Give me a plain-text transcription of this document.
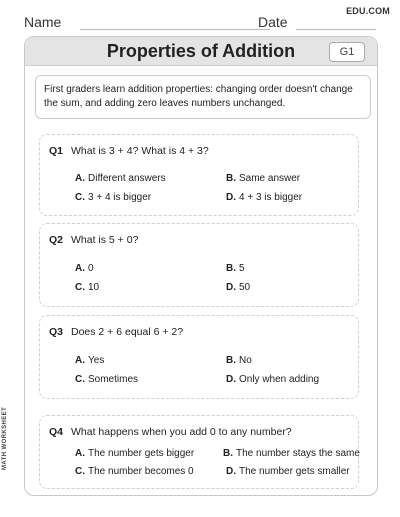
EDU.COM
Name	Date
Properties of Addition	G1
First graders learn addition properties: changing order doesn't change the sum, and adding zero leaves numbers unchanged.
Q1 What is 3 + 4? What is 4 + 3?
A. Different answers	B. Same answer
C. 3 + 4 is bigger	D. 4 + 3 is bigger
Q2 What is 5 + 0?
A. 0	B. 5
C. 10	D. 50
Q3 Does 2 + 6 equal 6 + 2?
A. Yes	B. No
C. Sometimes	D. Only when adding
Q4 What happens when you add 0 to any number?
A. The number gets bigger	B. The number stays the same
C. The number becomes 0	D. The number gets smaller
MATH WORKSHEET
